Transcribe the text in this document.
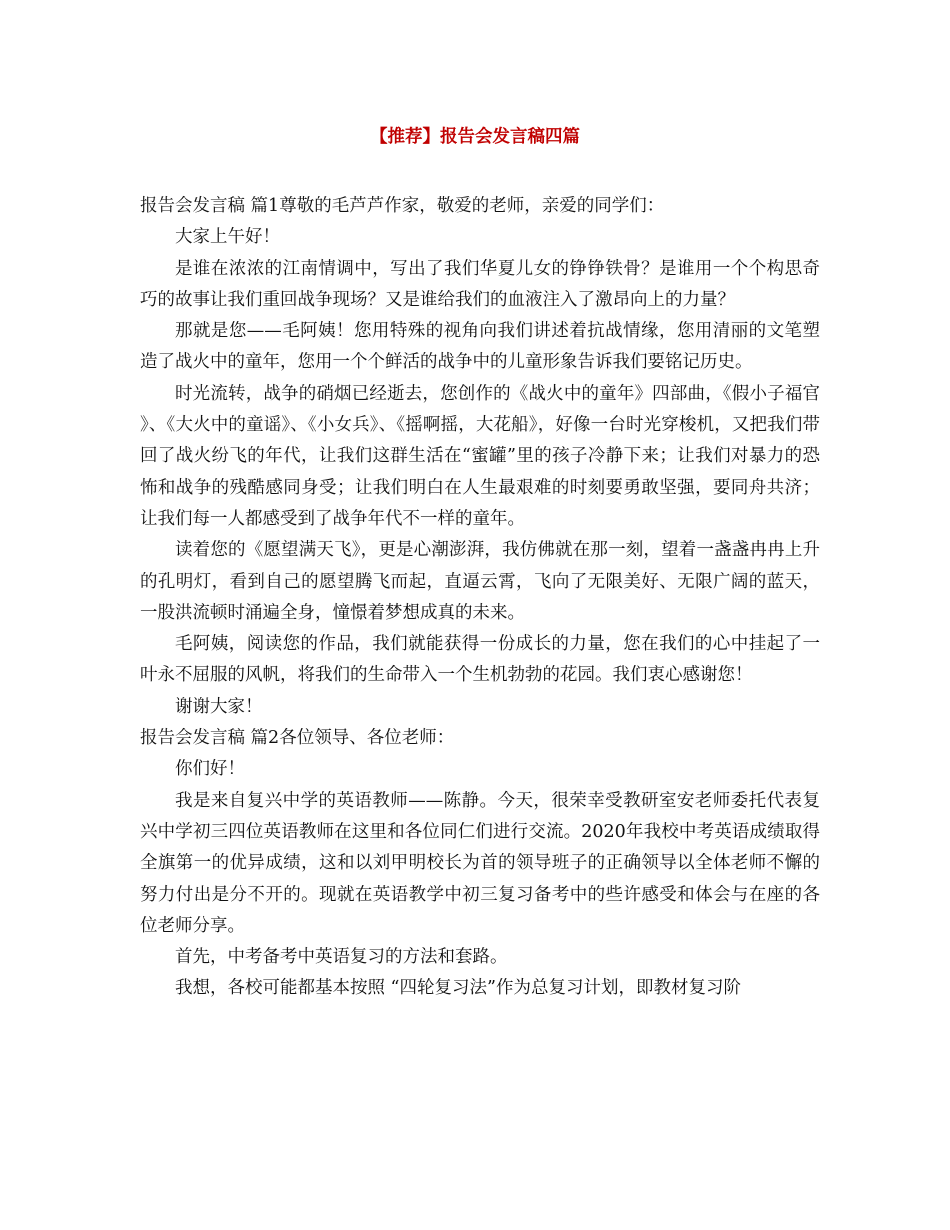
【推荐】报告会发言稿四篇

报告会发言稿 篇1尊敬的毛芦芦作家，敬爱的老师，亲爱的同学们：

大家上午好！

是谁在浓浓的江南情调中，写出了我们华夏儿女的铮铮铁骨？是谁用一个个构思奇巧的故事让我们重回战争现场？又是谁给我们的血液注入了激昂向上的力量？

那就是您——毛阿姨！您用特殊的视角向我们讲述着抗战情缘，您用清丽的文笔塑造了战火中的童年，您用一个个鲜活的战争中的儿童形象告诉我们要铭记历史。

时光流转，战争的硝烟已经逝去，您创作的《战火中的童年》四部曲，《假小子福官》、《大火中的童谣》、《小女兵》、《摇啊摇，大花船》，好像一台时光穿梭机，又把我们带回了战火纷飞的年代，让我们这群生活在“蜜罐”里的孩子冷静下来；让我们对暴力的恐怖和战争的残酷感同身受；让我们明白在人生最艰难的时刻要勇敢坚强，要同舟共济；让我们每一人都感受到了战争年代不一样的童年。

读着您的《愿望满天飞》，更是心潮澎湃，我仿佛就在那一刻，望着一盏盏冉冉上升的孔明灯，看到自己的愿望腾飞而起，直逼云霄，飞向了无限美好、无限广阔的蓝天，一股洪流顿时涌遍全身，憧憬着梦想成真的未来。

毛阿姨，阅读您的作品，我们就能获得一份成长的力量，您在我们的心中挂起了一叶永不屈服的风帆，将我们的生命带入一个生机勃勃的花园。我们衷心感谢您！

谢谢大家！

报告会发言稿 篇2各位领导、各位老师：

你们好！

我是来自复兴中学的英语教师——陈静。今天，很荣幸受教研室安老师委托代表复兴中学初三四位英语教师在这里和各位同仁们进行交流。2020年我校中考英语成绩取得全旗第一的优异成绩，这和以刘甲明校长为首的领导班子的正确领导以全体老师不懈的努力付出是分不开的。现就在英语教学中初三复习备考中的些许感受和体会与在座的各位老师分享。

首先，中考备考中英语复习的方法和套路。

我想，各校可能都基本按照 “四轮复习法”作为总复习计划，即教材复习阶
